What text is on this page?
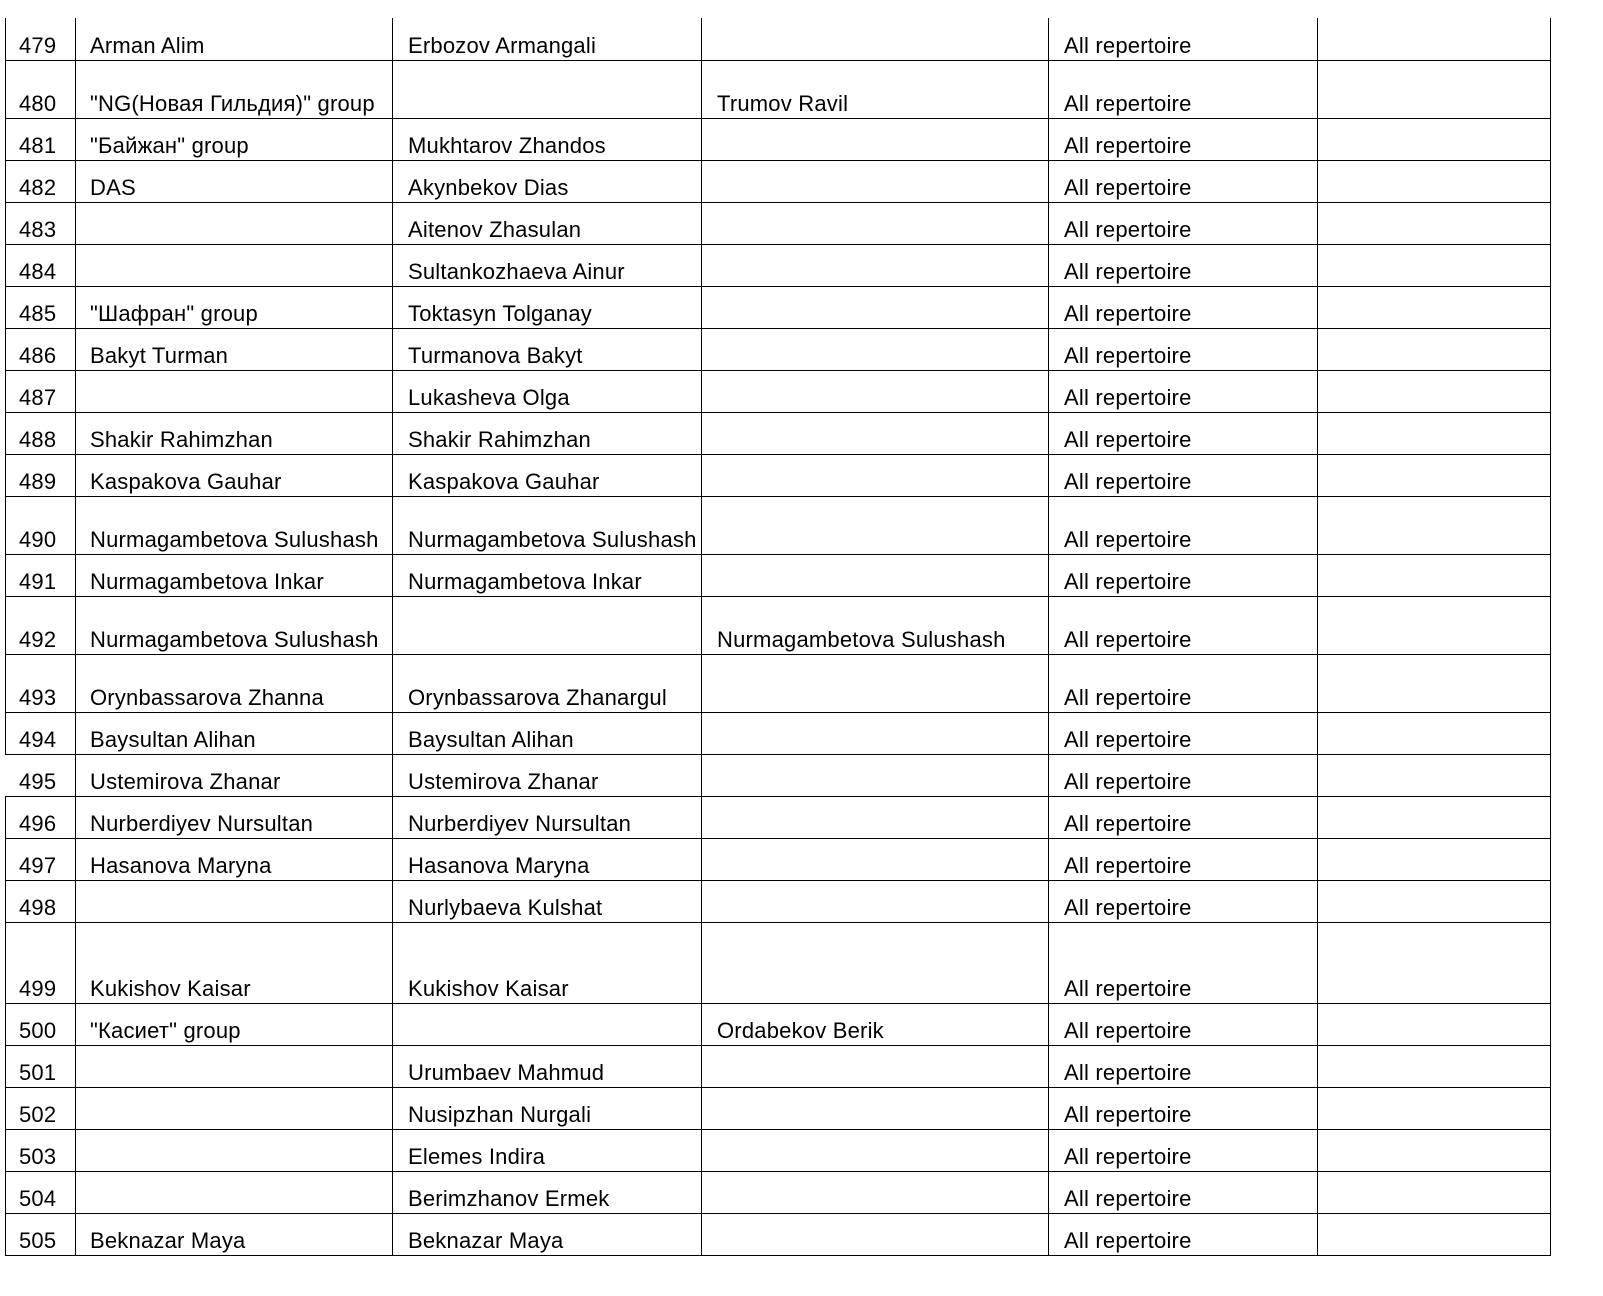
479	Arman Alim	Erbozov Armangali		All repertoire	
480	"NG(Новая Гильдия)" group		Trumov Ravil	All repertoire	
481	"Байжан" group	Mukhtarov Zhandos		All repertoire	
482	DAS	Akynbekov Dias		All repertoire	
483		Aitenov Zhasulan		All repertoire	
484		Sultankozhaeva Ainur		All repertoire	
485	"Шафран" group	Toktasyn Tolganay		All repertoire	
486	Bakyt Turman	Turmanova Bakyt		All repertoire	
487		Lukasheva Olga		All repertoire	
488	Shakir Rahimzhan	Shakir Rahimzhan		All repertoire	
489	Kaspakova Gauhar	Kaspakova Gauhar		All repertoire	
490	Nurmagambetova Sulushash	Nurmagambetova Sulushash		All repertoire	
491	Nurmagambetova Inkar	Nurmagambetova Inkar		All repertoire	
492	Nurmagambetova Sulushash		Nurmagambetova Sulushash	All repertoire	
493	Orynbassarova Zhanna	Orynbassarova Zhanargul		All repertoire	
494	Baysultan Alihan	Baysultan Alihan		All repertoire	
495	Ustemirova Zhanar	Ustemirova Zhanar		All repertoire	
496	Nurberdiyev Nursultan	Nurberdiyev Nursultan		All repertoire	
497	Hasanova Maryna	Hasanova Maryna		All repertoire	
498		Nurlybaeva Kulshat		All repertoire	
499	Kukishov Kaisar	Kukishov Kaisar		All repertoire	
500	"Касиет" group		Ordabekov Berik	All repertoire	
501		Urumbaev Mahmud		All repertoire	
502		Nusipzhan Nurgali		All repertoire	
503		Elemes Indira		All repertoire	
504		Berimzhanov Ermek		All repertoire	
505	Beknazar Maya	Beknazar Maya		All repertoire	
